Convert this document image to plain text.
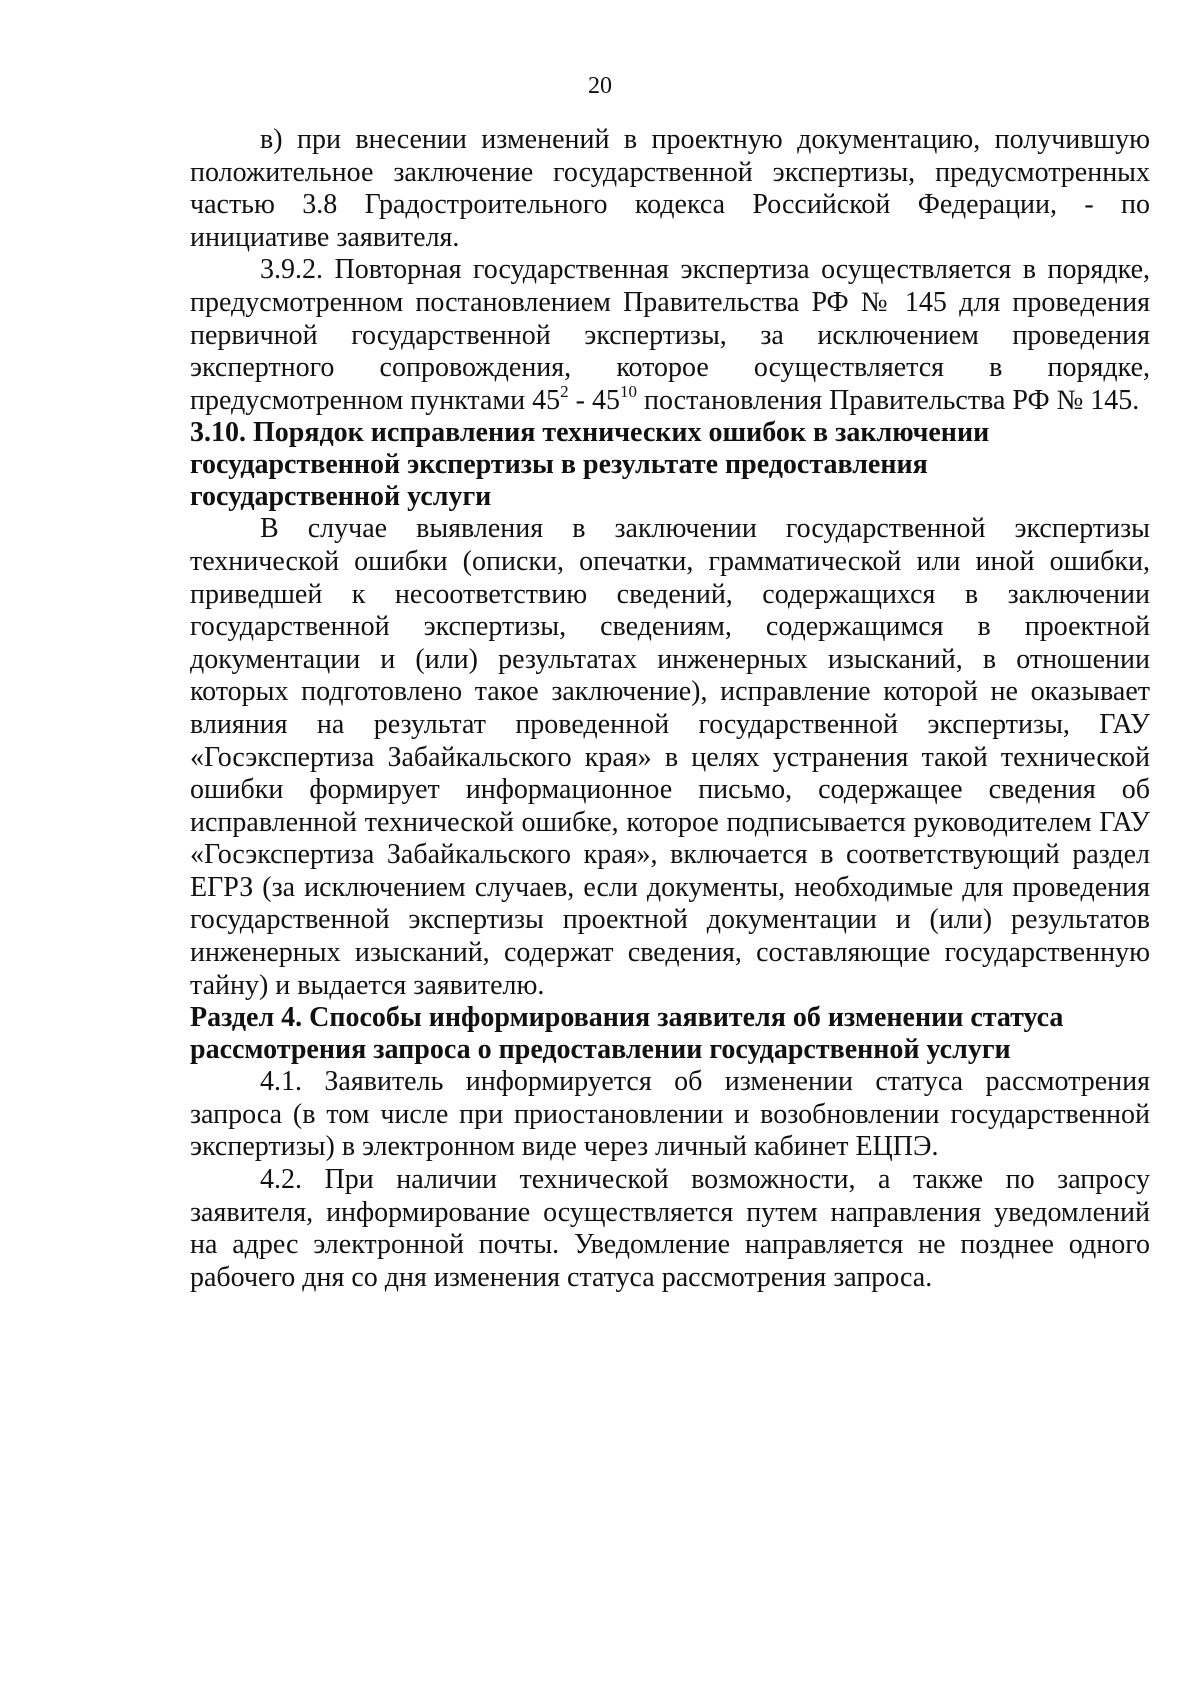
20

в) при внесении изменений в проектную документацию, получившую положительное заключение государственной экспертизы, предусмотренных частью 3.8 Градостроительного кодекса Российской Федерации, - по инициативе заявителя.

3.9.2. Повторная государственная экспертиза осуществляется в порядке, предусмотренном постановлением Правительства РФ № 145 для проведения первичной государственной экспертизы, за исключением проведения экспертного сопровождения, которое осуществляется в порядке, предусмотренном пунктами $45^2 - 45^{10}$ постановления Правительства РФ № 145.

3.10. Порядок исправления технических ошибок в заключении
государственной экспертизы в результате предоставления
государственной услуги

В случае выявления в заключении государственной экспертизы технической ошибки (описки, опечатки, грамматической или иной ошибки, приведшей к несоответствию сведений, содержащихся в заключении государственной экспертизы, сведениям, содержащимся в проектной документации и (или) результатах инженерных изысканий, в отношении которых подготовлено такое заключение), исправление которой не оказывает влияния на результат проведенной государственной экспертизы, ГАУ «Госэкспертиза Забайкальского края» в целях устранения такой технической ошибки формирует информационное письмо, содержащее сведения об исправленной технической ошибке, которое подписывается руководителем ГАУ «Госэкспертиза Забайкальского края», включается в соответствующий раздел ЕГРЗ (за исключением случаев, если документы, необходимые для проведения государственной экспертизы проектной документации и (или) результатов инженерных изысканий, содержат сведения, составляющие государственную тайну) и выдается заявителю.

Раздел 4. Способы информирования заявителя об изменении статуса
рассмотрения запроса о предоставлении государственной услуги

4.1. Заявитель информируется об изменении статуса рассмотрения запроса (в том числе при приостановлении и возобновлении государственной экспертизы) в электронном виде через личный кабинет ЕЦПЭ.

4.2. При наличии технической возможности, а также по запросу заявителя, информирование осуществляется путем направления уведомлений на адрес электронной почты. Уведомление направляется не позднее одного рабочего дня со дня изменения статуса рассмотрения запроса.
